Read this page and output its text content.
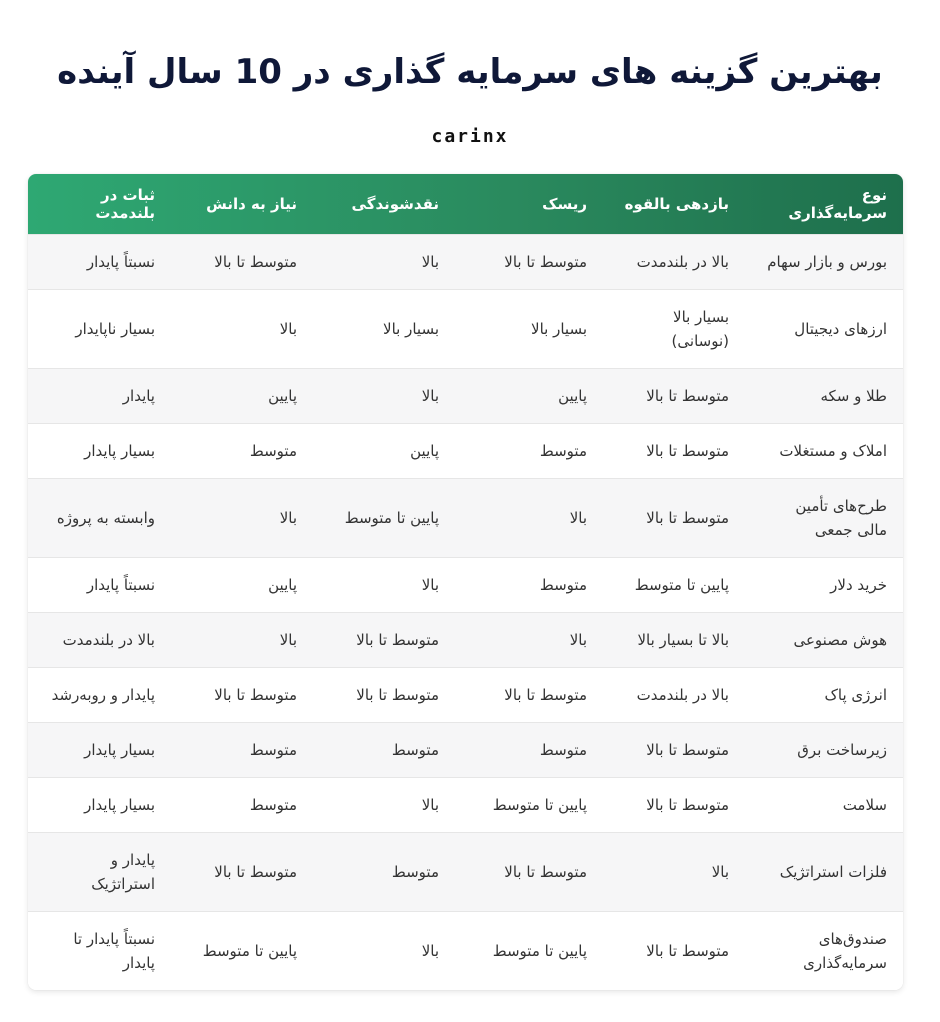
بهترین گزینه های سرمایه گذاری در 10 سال آینده
carinx
نوع سرمایه‌گذاری	بازدهی بالقوه	ریسک	نقدشوندگی	نیاز به دانش	ثبات در بلندمدت
بورس و بازار سهام	بالا در بلندمدت	متوسط تا بالا	بالا	متوسط تا بالا	نسبتاً پایدار
ارزهای دیجیتال	بسیار بالا (نوسانی)	بسیار بالا	بسیار بالا	بالا	بسیار ناپایدار
طلا و سکه	متوسط تا بالا	پایین	بالا	پایین	پایدار
املاک و مستغلات	متوسط تا بالا	متوسط	پایین	متوسط	بسیار پایدار
طرح‌های تأمین مالی جمعی	متوسط تا بالا	بالا	پایین تا متوسط	بالا	وابسته به پروژه
خرید دلار	پایین تا متوسط	متوسط	بالا	پایین	نسبتاً پایدار
هوش مصنوعی	بالا تا بسیار بالا	بالا	متوسط تا بالا	بالا	بالا در بلندمدت
انرژی پاک	بالا در بلندمدت	متوسط تا بالا	متوسط تا بالا	متوسط تا بالا	پایدار و روبه‌رشد
زیرساخت برق	متوسط تا بالا	متوسط	متوسط	متوسط	بسیار پایدار
سلامت	متوسط تا بالا	پایین تا متوسط	بالا	متوسط	بسیار پایدار
فلزات استراتژیک	بالا	متوسط تا بالا	متوسط	متوسط تا بالا	پایدار و استراتژیک
صندوق‌های سرمایه‌گذاری	متوسط تا بالا	پایین تا متوسط	بالا	پایین تا متوسط	نسبتاً پایدار تا پایدار
